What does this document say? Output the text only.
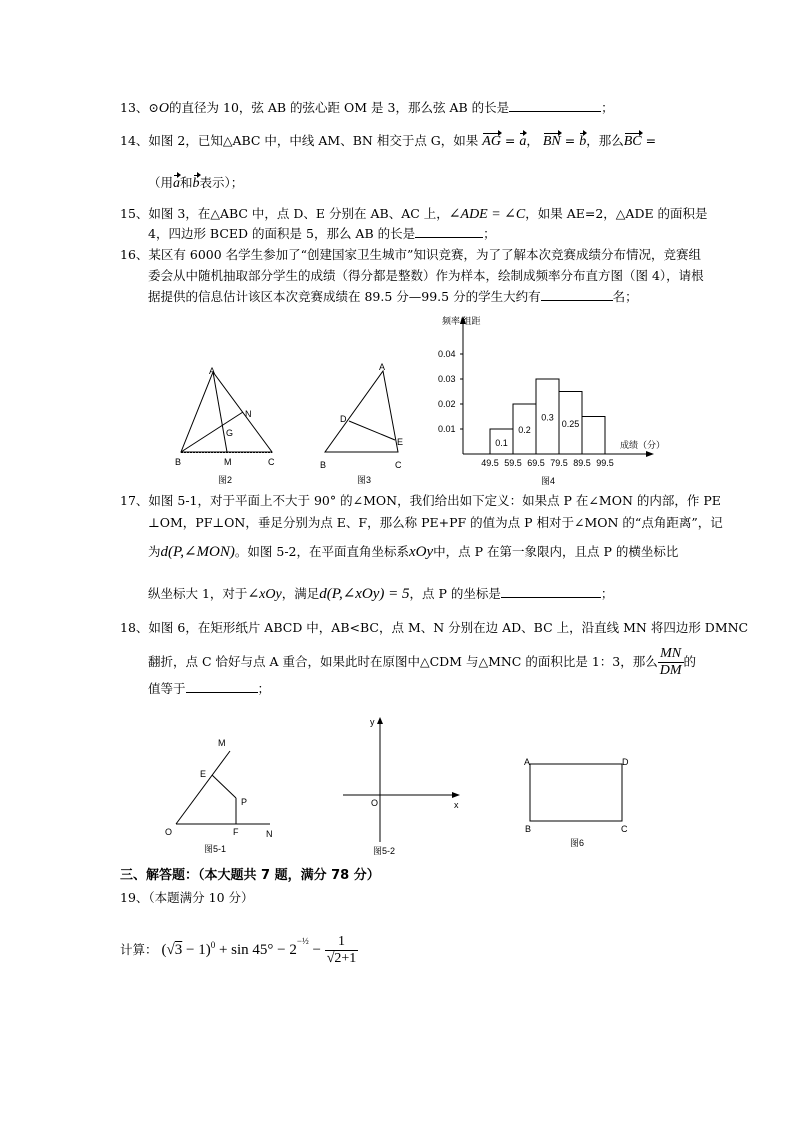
13、⊙O的直径为 10，弦 AB 的弦心距 OM 是 3，那么弦 AB 的长是	；
14、如图 2，已知△ABC 中，中线 AM、BN 相交于点 G，如果 AG = a， BN = b，那么BC =
（用a和b表示）；
15、如图 3，在△ABC 中，点 D、E 分别在 AB、AC 上，∠ADE = ∠C，如果 AE=2，△ADE 的面积是
4，四边形 BCED 的面积是 5，那么 AB 的长是	；
16、某区有 6000 名学生参加了“创建国家卫生城市”知识竞赛，为了了解本次竞赛成绩分布情况，竞赛组
委会从中随机抽取部分学生的成绩（得分都是整数）作为样本，绘制成频率分布直方图（图 4），请根
据提供的信息估计该区本次竞赛成绩在 89.5 分—99.5 分的学生大约有	名；
A
B	C
M
N
G
图2
A
B	C
D
E
图3
频率/组距
成绩（分）
0.01
0.02
0.03
0.04
0.1
0.2
0.3
0.25
49.5 59.5 69.5 79.5 89.5 99.5
图4
17、如图 5-1，对于平面上不大于 90° 的∠MON，我们给出如下定义：如果点 P 在∠MON 的内部，作 PE
⊥OM，PF⊥ON，垂足分别为点 E、F，那么称 PE+PF 的值为点 P 相对于∠MON 的“点角距离”，记
为d(P,∠MON)。如图 5-2，在平面直角坐标系xOy中，点 P 在第一象限内，且点 P 的横坐标比
纵坐标大 1，对于∠xOy，满足d(P,∠xOy) = 5，点 P 的坐标是	；
18、如图 6，在矩形纸片 ABCD 中，AB<BC，点 M、N 分别在边 AD、BC 上，沿直线 MN 将四边形 DMNC
翻折，点 C 恰好与点 A 重合，如果此时在原图中△CDM 与△MNC 的面积比是 1：3，那么 $\frac{MN}{DM}$ 的
值等于	；
M
E
P
O	F	N
图5-1
y
x
O
图5-2
A	D
B	C
图6
三、解答题：（本大题共 7 题，满分 78 分）
19、（本题满分 10 分）
计算： $(√3 - 1)^0 + \sin 45^\circ - 2^{-\frac{1}{2}} - \frac{1}{√2+1}$
